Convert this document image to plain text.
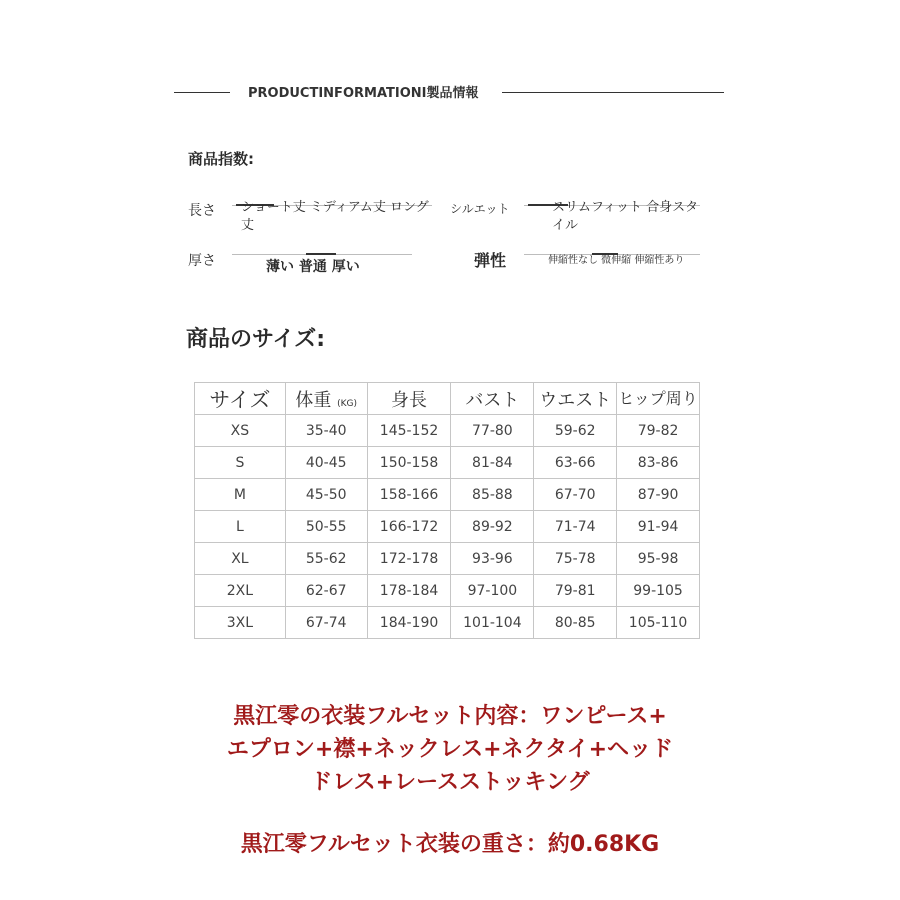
PRODUCTINFORMATIONI製品情報
商品指数:
長さ ショート丈 ミディアム丈 ロング丈
シルエット	スリムフィット 合身スタイル
厚さ	薄い 普通 厚い	弾性	伸縮性なし 微伸縮 伸縮性あり
商品のサイズ:
サイズ	体重 (KG)	身長	バスト	ウエスト	ヒップ周り
XS	35-40	145-152	77-80	59-62	79-82
S	40-45	150-158	81-84	63-66	83-86
M	45-50	158-166	85-88	67-70	87-90
L	50-55	166-172	89-92	71-74	91-94
XL	55-62	172-178	93-96	75-78	95-98
2XL	62-67	178-184	97-100	79-81	99-105
3XL	67-74	184-190	101-104	80-85	105-110
黒江零の衣装フルセット内容：ワンピース+
エプロン+襟+ネックレス+ネクタイ+ヘッド
ドレス+レースストッキング
黒江零フルセット衣装の重さ：約0.68KG
